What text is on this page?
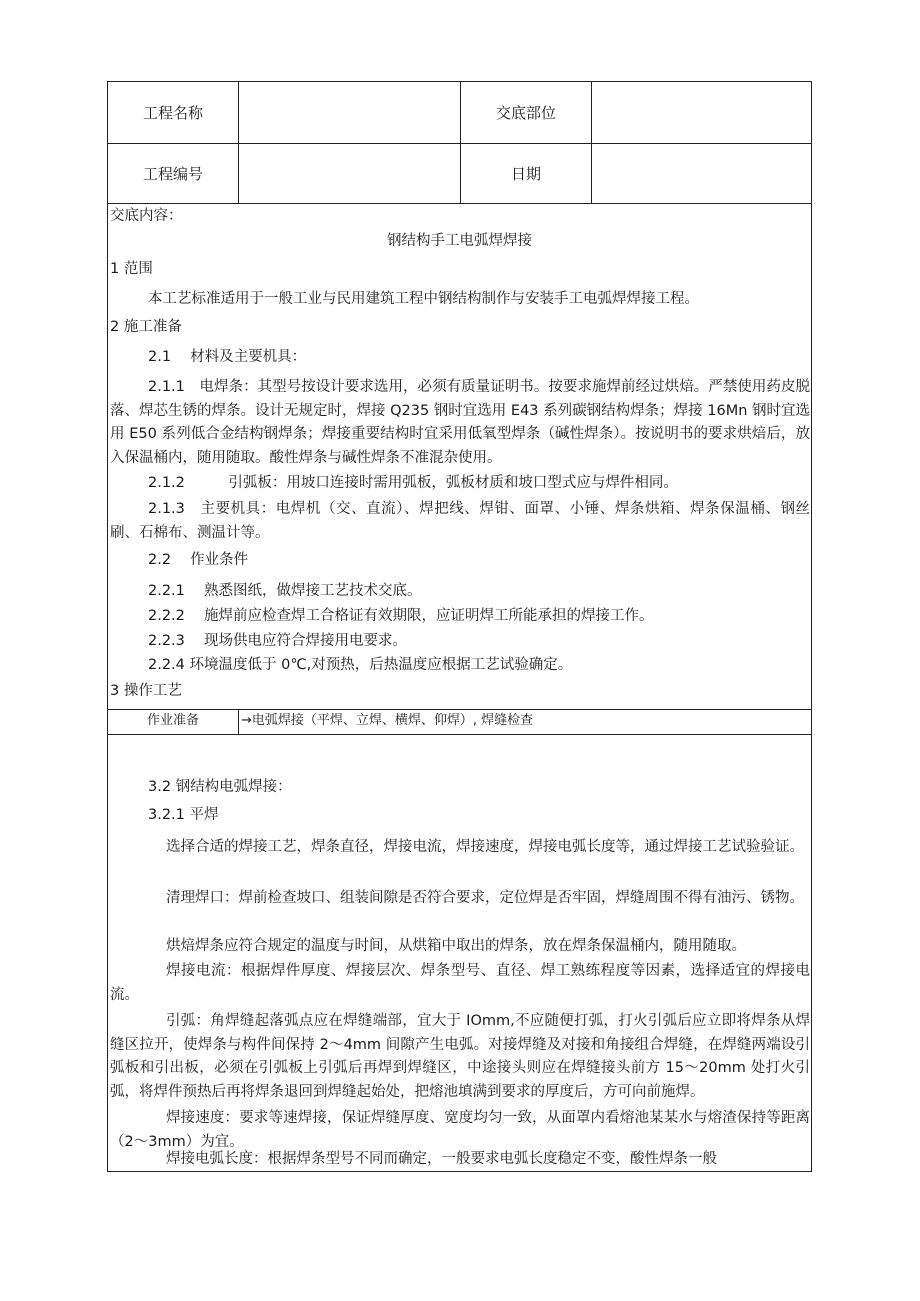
工程名称	交底部位
工程编号	日期
交底内容：
钢结构手工电弧焊焊接
1 范围
本工艺标准适用于一般工业与民用建筑工程中钢结构制作与安装手工电弧焊焊接工程。
2 施工准备
2.1　 材料及主要机具：
2.1.1　电焊条：其型号按设计要求选用，必须有质量证明书。按要求施焊前经过烘焙。严禁使用药皮脱落、焊芯生锈的焊条。设计无规定时，焊接 Q235 钢时宜选用 E43 系列碳钢结构焊条；焊接 16Mn 钢时宜选用 E50 系列低合金结构钢焊条；焊接重要结构时宜采用低氧型焊条（碱性焊条）。按说明书的要求烘焙后，放入保温桶内，随用随取。酸性焊条与碱性焊条不准混杂使用。
2.1.2　　　引弧板：用坡口连接时需用弧板，弧板材质和坡口型式应与焊件相同。
2.1.3　主要机具：电焊机（交、直流）、焊把线、焊钳、面罩、小锤、焊条烘箱、焊条保温桶、钢丝刷、石棉布、测温计等。
2.2　 作业条件
2.2.1　 熟悉图纸，做焊接工艺技术交底。
2.2.2　 施焊前应检查焊工合格证有效期限，应证明焊工所能承担的焊接工作。
2.2.3　 现场供电应符合焊接用电要求。
2.2.4 环境温度低于 0℃,对预热，后热温度应根据工艺试验确定。
3 操作工艺
作业准备	→电弧焊接（平焊、立焊、横焊、仰焊）, 焊缝检查
3.2 钢结构电弧焊接：
3.2.1 平焊
选择合适的焊接工艺，焊条直径，焊接电流，焊接速度，焊接电弧长度等，通过焊接工艺试验验证。
清理焊口：焊前检查坡口、组装间隙是否符合要求，定位焊是否牢固，焊缝周围不得有油污、锈物。
烘焙焊条应符合规定的温度与时间，从烘箱中取出的焊条，放在焊条保温桶内，随用随取。
焊接电流：根据焊件厚度、焊接层次、焊条型号、直径、焊工熟练程度等因素，选择适宜的焊接电流。
引弧：角焊缝起落弧点应在焊缝端部，宜大于 IOmm,不应随便打弧，打火引弧后应立即将焊条从焊缝区拉开，使焊条与构件间保持 2～4mm 间隙产生电弧。对接焊缝及对接和角接组合焊缝，在焊缝两端设引弧板和引出板，必须在引弧板上引弧后再焊到焊缝区，中途接头则应在焊缝接头前方 15～20mm 处打火引弧，将焊件预热后再将焊条退回到焊缝起始处，把熔池填满到要求的厚度后，方可向前施焊。
焊接速度：要求等速焊接，保证焊缝厚度、宽度均匀一致，从面罩内看熔池某某水与熔渣保持等距离（2～3mm）为宜。
焊接电弧长度：根据焊条型号不同而确定，一般要求电弧长度稳定不变，酸性焊条一般
